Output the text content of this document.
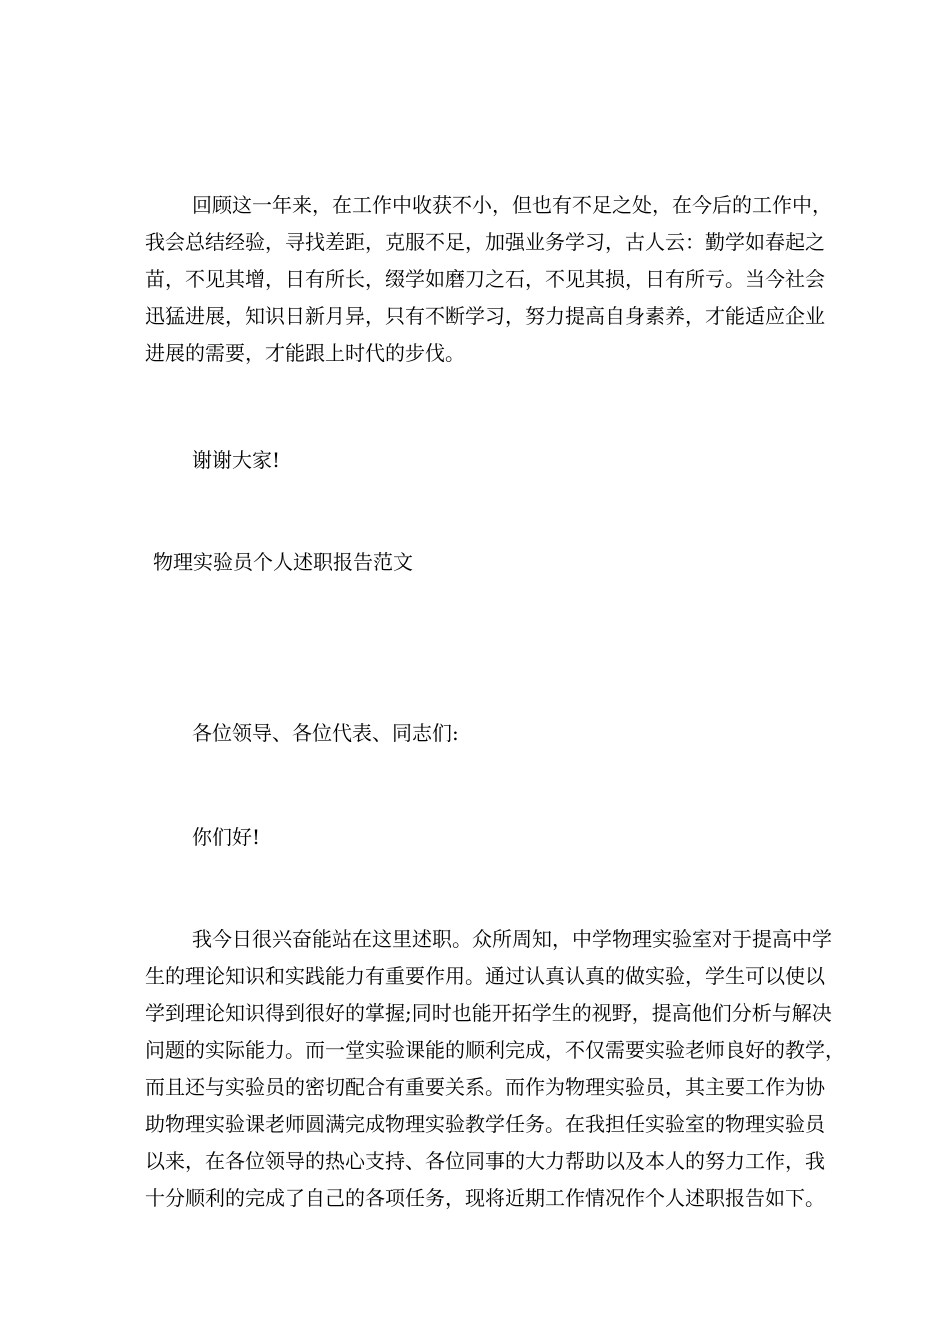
回顾这一年来，在工作中收获不小，但也有不足之处，在今后的工作中，
我会总结经验，寻找差距，克服不足，加强业务学习，古人云：勤学如春起之
苗，不见其增，日有所长，缀学如磨刀之石，不见其损，日有所亏。当今社会
迅猛进展，知识日新月异，只有不断学习，努力提高自身素养，才能适应企业
进展的需要，才能跟上时代的步伐。
谢谢大家!
物理实验员个人述职报告范文
各位领导、各位代表、同志们:
你们好!
我今日很兴奋能站在这里述职。众所周知，中学物理实验室对于提高中学
生的理论知识和实践能力有重要作用。通过认真认真的做实验，学生可以使以
学到理论知识得到很好的掌握;同时也能开拓学生的视野，提高他们分析与解决
问题的实际能力。而一堂实验课能的顺利完成，不仅需要实验老师良好的教学，
而且还与实验员的密切配合有重要关系。而作为物理实验员，其主要工作为协
助物理实验课老师圆满完成物理实验教学任务。在我担任实验室的物理实验员
以来，在各位领导的热心支持、各位同事的大力帮助以及本人的努力工作，我
十分顺利的完成了自己的各项任务，现将近期工作情况作个人述职报告如下。
